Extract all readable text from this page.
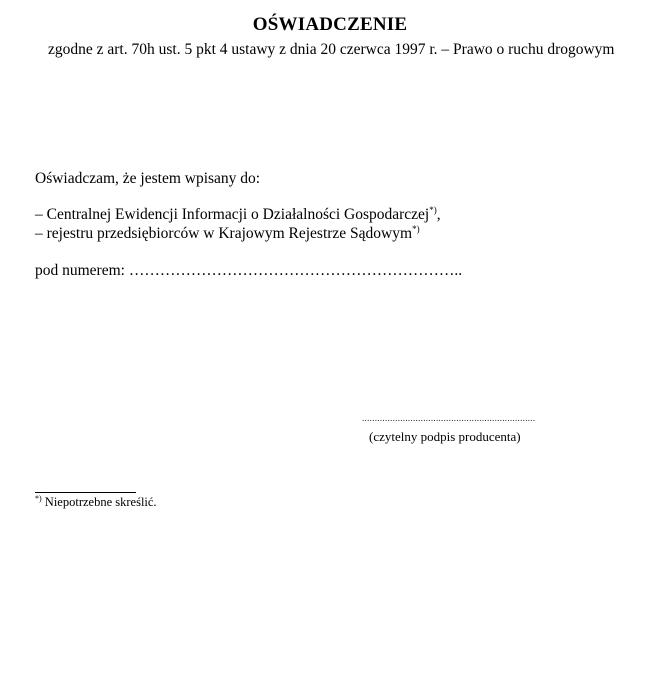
OŚWIADCZENIE
zgodne z art. 70h ust. 5 pkt 4 ustawy z dnia 20 czerwca 1997 r. – Prawo o ruchu drogowym
Oświadczam, że jestem wpisany do:
– Centralnej Ewidencji Informacji o Działalności Gospodarczej*),
– rejestru przedsiębiorców w Krajowym Rejestrze Sądowym*)
pod numerem: ………………………………………………………..
....................................................................
(czytelny podpis producenta)
*) Niepotrzebne skreślić.
